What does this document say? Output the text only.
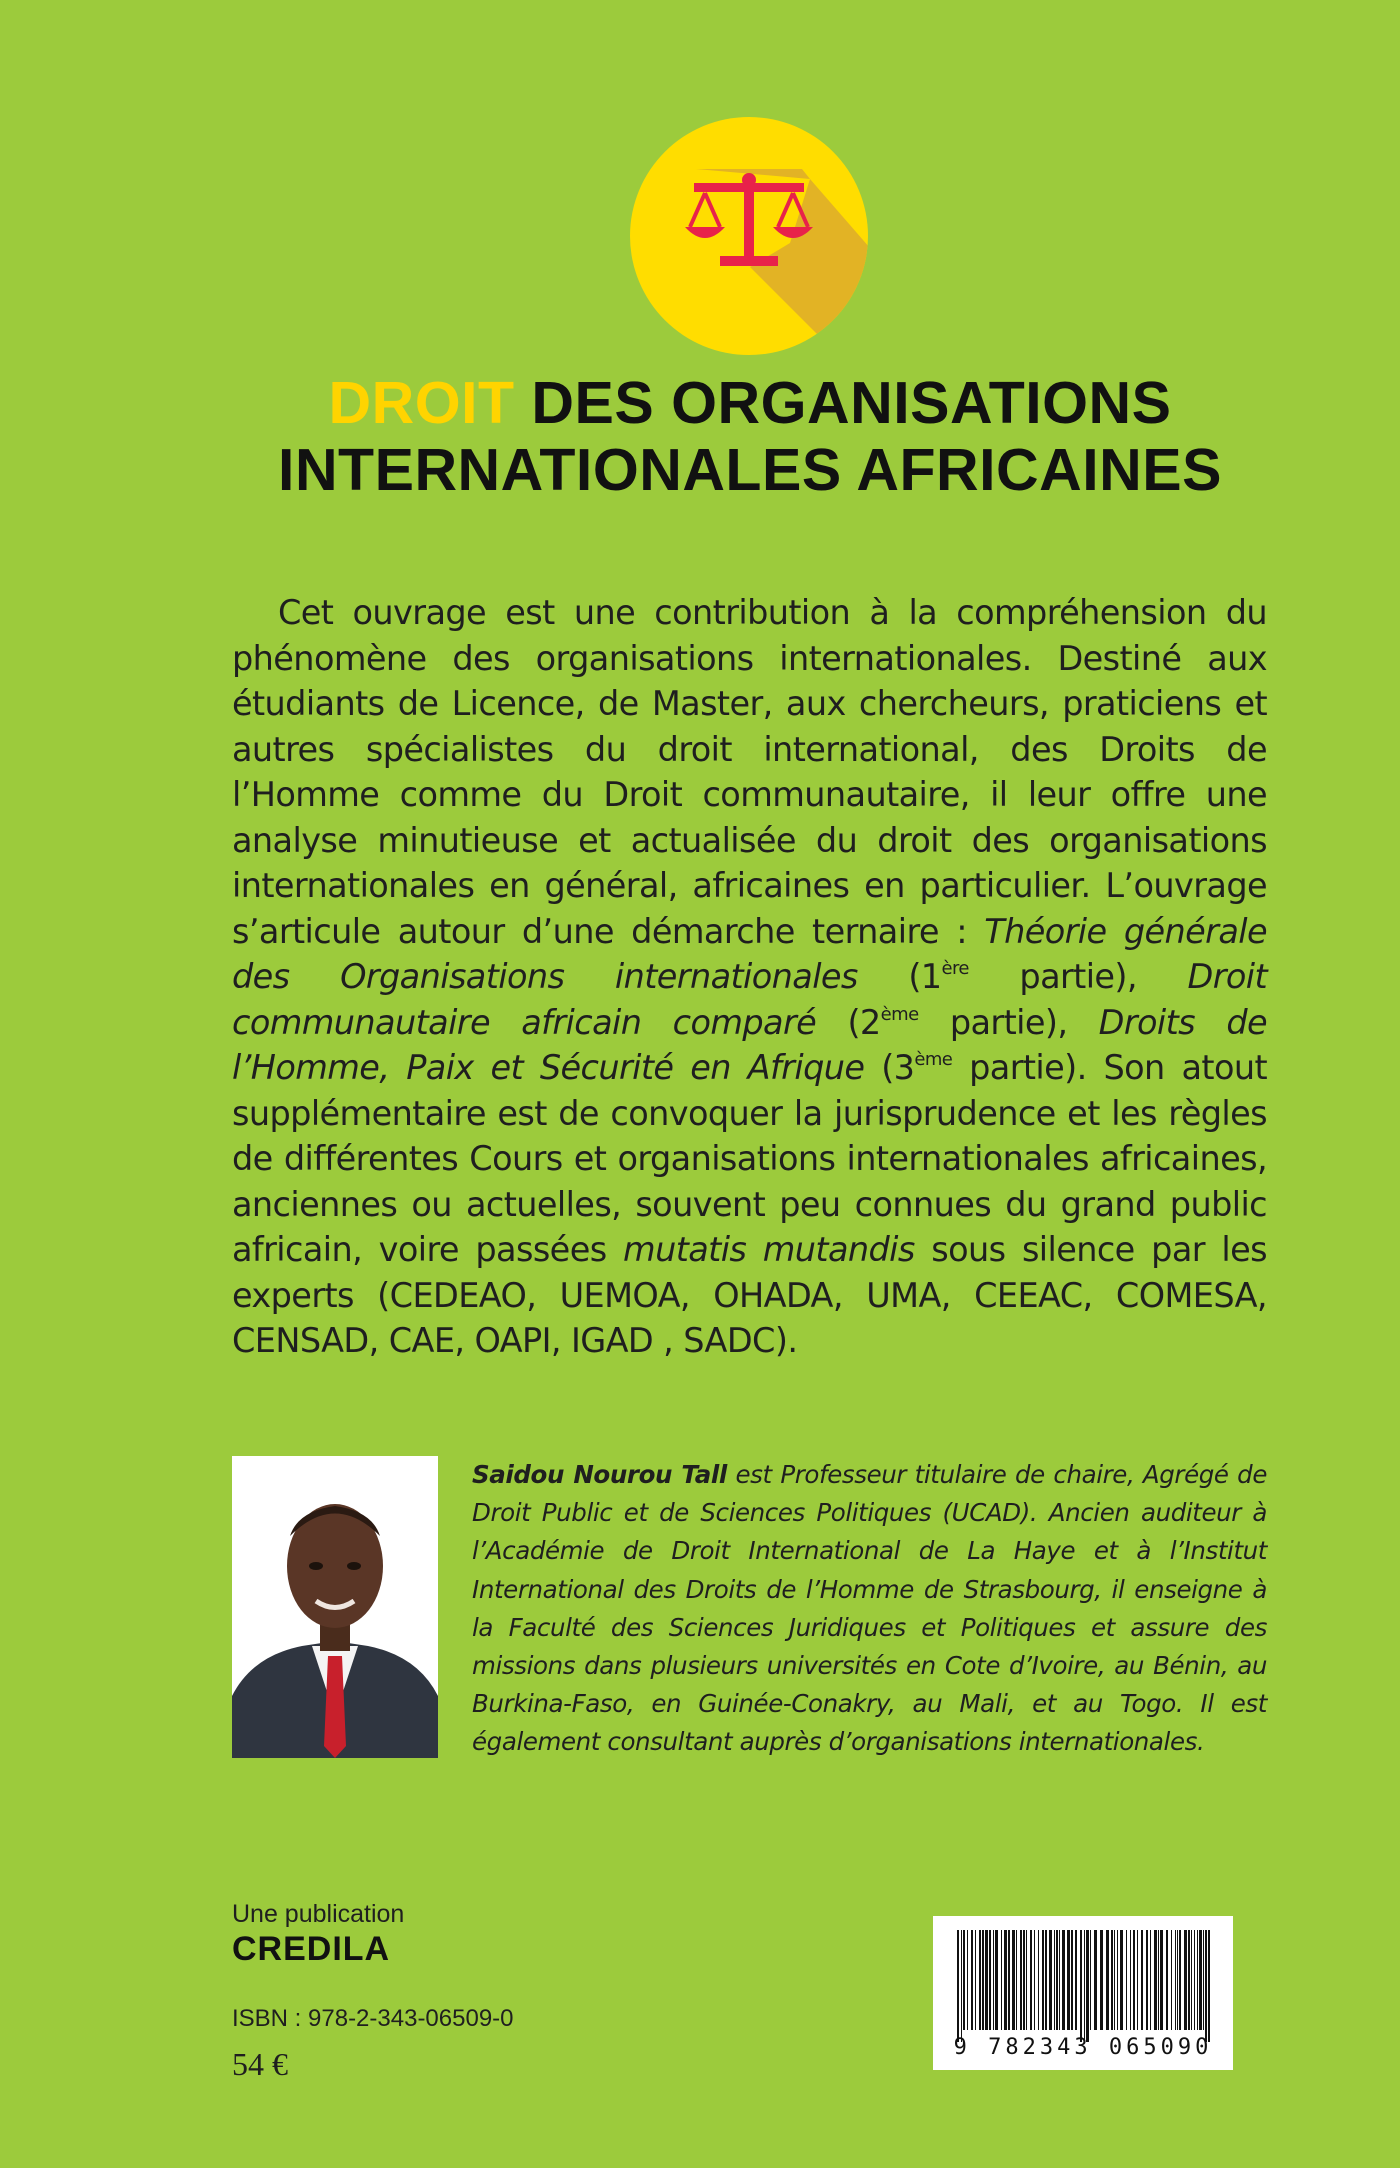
DROIT DES ORGANISATIONS
INTERNATIONALES AFRICAINES

Cet ouvrage est une contribution à la compréhension du phénomène des organisations internationales. Destiné aux étudiants de Licence, de Master, aux chercheurs, praticiens et autres spécialistes du droit international, des Droits de l’Homme comme du Droit communautaire, il leur offre une analyse minutieuse et actualisée du droit des organisations internationales en général, africaines en particulier. L’ouvrage s’articule autour d’une démarche ternaire : Théorie générale des Organisations internationales (1ère partie), Droit communautaire africain comparé (2ème partie), Droits de l’Homme, Paix et Sécurité en Afrique (3ème partie). Son atout supplémentaire est de convoquer la jurisprudence et les règles de différentes Cours et organisations internationales africaines, anciennes ou actuelles, souvent peu connues du grand public africain, voire passées mutatis mutandis sous silence par les experts (CEDEAO, UEMOA, OHADA, UMA, CEEAC, COMESA, CENSAD, CAE, OAPI, IGAD , SADC).

Saidou Nourou Tall est Professeur titulaire de chaire, Agrégé de Droit Public et de Sciences Politiques (UCAD). Ancien auditeur à l’Académie de Droit International de La Haye et à l’Institut International des Droits de l’Homme de Strasbourg, il enseigne à la Faculté des Sciences Juridiques et Politiques et assure des missions dans plusieurs universités en Cote d’Ivoire, au Bénin, au Burkina-Faso, en Guinée-Conakry, au Mali, et au Togo. Il est également consultant auprès d’organisations internationales.
Une publication
CREDILA
ISBN : 978-2-343-06509-0
54 €	9 782343 065090
